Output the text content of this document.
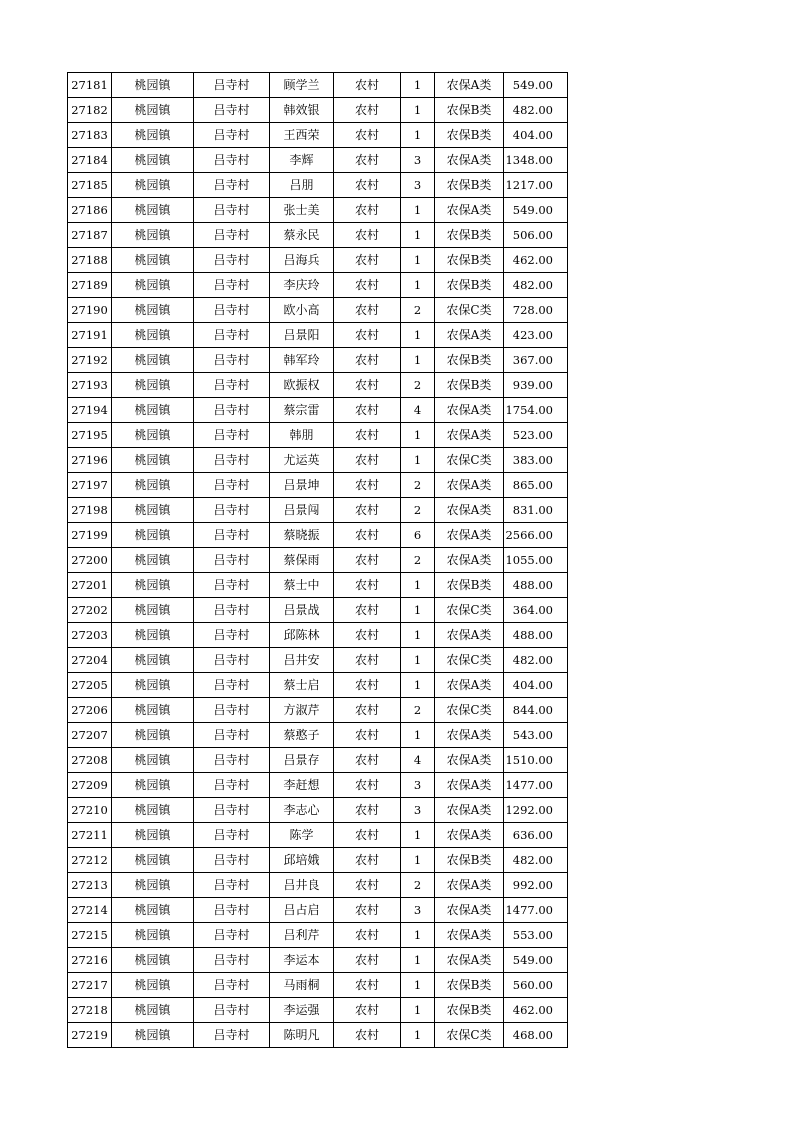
27181	桃园镇	吕寺村	顾学兰	农村	1	农保A类	549.00
27182	桃园镇	吕寺村	韩效银	农村	1	农保B类	482.00
27183	桃园镇	吕寺村	王西荣	农村	1	农保B类	404.00
27184	桃园镇	吕寺村	李辉	农村	3	农保A类	1348.00
27185	桃园镇	吕寺村	吕朋	农村	3	农保B类	1217.00
27186	桃园镇	吕寺村	张士美	农村	1	农保A类	549.00
27187	桃园镇	吕寺村	蔡永民	农村	1	农保B类	506.00
27188	桃园镇	吕寺村	吕海兵	农村	1	农保B类	462.00
27189	桃园镇	吕寺村	李庆玲	农村	1	农保B类	482.00
27190	桃园镇	吕寺村	欧小高	农村	2	农保C类	728.00
27191	桃园镇	吕寺村	吕景阳	农村	1	农保A类	423.00
27192	桃园镇	吕寺村	韩军玲	农村	1	农保B类	367.00
27193	桃园镇	吕寺村	欧振权	农村	2	农保B类	939.00
27194	桃园镇	吕寺村	蔡宗雷	农村	4	农保A类	1754.00
27195	桃园镇	吕寺村	韩朋	农村	1	农保A类	523.00
27196	桃园镇	吕寺村	尤运英	农村	1	农保C类	383.00
27197	桃园镇	吕寺村	吕景坤	农村	2	农保A类	865.00
27198	桃园镇	吕寺村	吕景闯	农村	2	农保A类	831.00
27199	桃园镇	吕寺村	蔡晓振	农村	6	农保A类	2566.00
27200	桃园镇	吕寺村	蔡保雨	农村	2	农保A类	1055.00
27201	桃园镇	吕寺村	蔡士中	农村	1	农保B类	488.00
27202	桃园镇	吕寺村	吕景战	农村	1	农保C类	364.00
27203	桃园镇	吕寺村	邱陈林	农村	1	农保A类	488.00
27204	桃园镇	吕寺村	吕井安	农村	1	农保C类	482.00
27205	桃园镇	吕寺村	蔡士启	农村	1	农保A类	404.00
27206	桃园镇	吕寺村	方淑芹	农村	2	农保C类	844.00
27207	桃园镇	吕寺村	蔡憨子	农村	1	农保A类	543.00
27208	桃园镇	吕寺村	吕景存	农村	4	农保A类	1510.00
27209	桃园镇	吕寺村	李赶想	农村	3	农保A类	1477.00
27210	桃园镇	吕寺村	李志心	农村	3	农保A类	1292.00
27211	桃园镇	吕寺村	陈学	农村	1	农保A类	636.00
27212	桃园镇	吕寺村	邱培娥	农村	1	农保B类	482.00
27213	桃园镇	吕寺村	吕井良	农村	2	农保A类	992.00
27214	桃园镇	吕寺村	吕占启	农村	3	农保A类	1477.00
27215	桃园镇	吕寺村	吕利芹	农村	1	农保A类	553.00
27216	桃园镇	吕寺村	李运本	农村	1	农保A类	549.00
27217	桃园镇	吕寺村	马雨桐	农村	1	农保B类	560.00
27218	桃园镇	吕寺村	李运强	农村	1	农保B类	462.00
27219	桃园镇	吕寺村	陈明凡	农村	1	农保C类	468.00
